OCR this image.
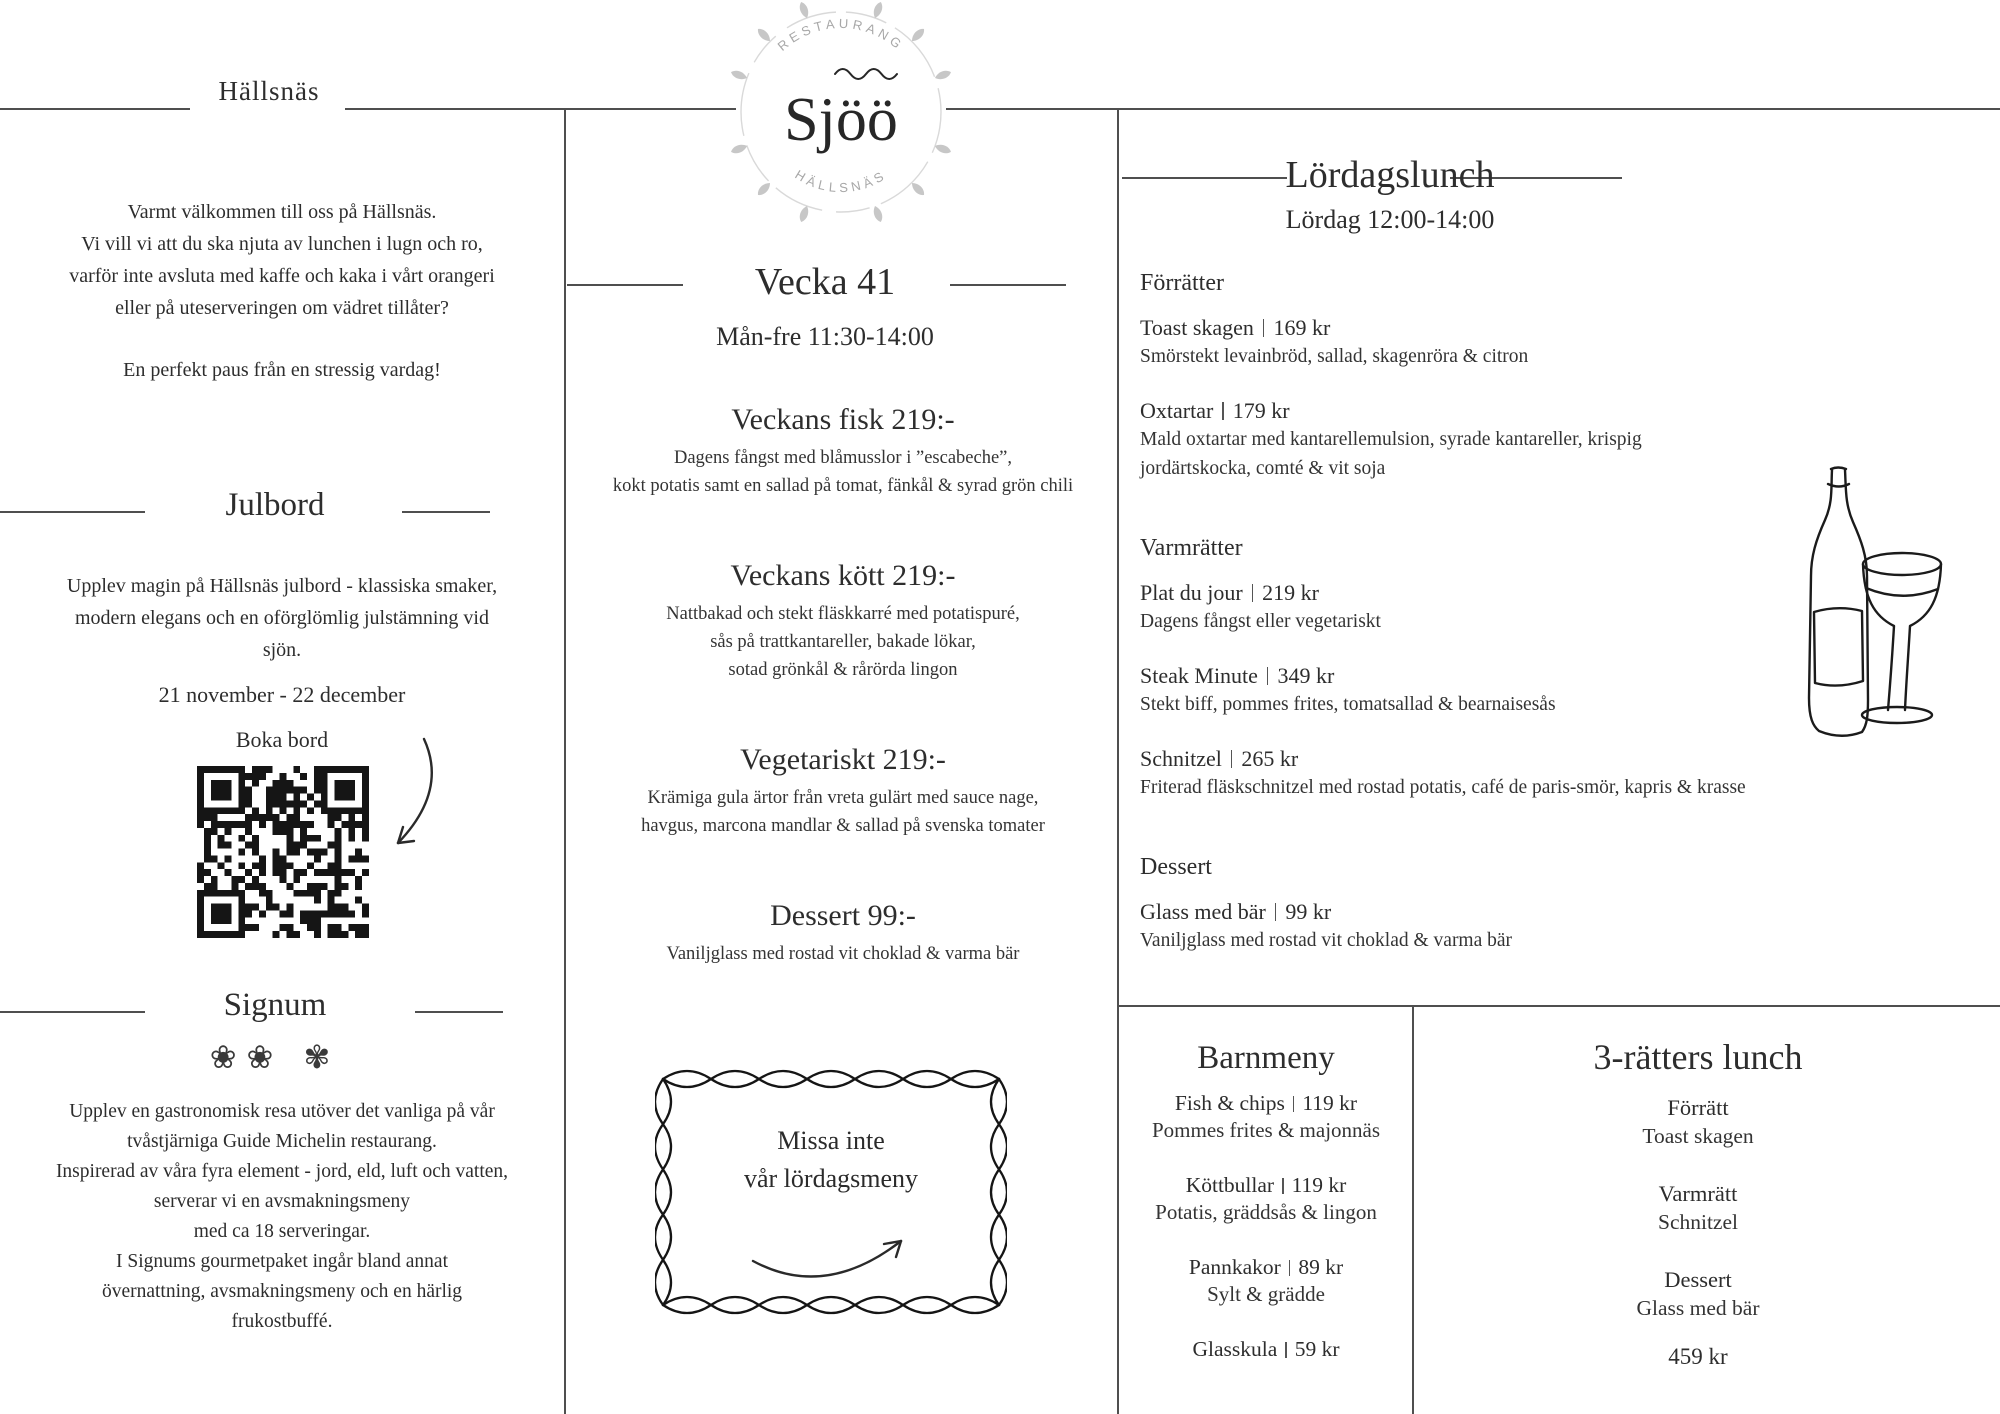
RESTAURANG
HÄLLSNÄS
Sjöö
Hällsnäs
Varmt välkommen till oss på Hällsnäs.
Vi vill vi att du ska njuta av lunchen i lugn och ro,
varför inte avsluta med kaffe och kaka i vårt orangeri
eller på uteserveringen om vädret tillåter?
En perfekt paus från en stressig vardag!
Julbord
Upplev magin på Hällsnäs julbord - klassiska smaker,
modern elegans och en oförglömlig julstämning vid
sjön.
21 november - 22 december
Boka bord
Signum
❀❀ ✾
Upplev en gastronomisk resa utöver det vanliga på vår
tvåstjärniga Guide Michelin restaurang.
Inspirerad av våra fyra element - jord, eld, luft och vatten,
serverar vi en avsmakningsmeny
med ca 18 serveringar.
I Signums gourmetpaket ingår bland annat
övernattning, avsmakningsmeny och en härlig
frukostbuffé.
Vecka 41
Mån-fre 11:30-14:00
Veckans fisk 219:-
Dagens fångst med blåmusslor i ”escabeche”,
kokt potatis samt en sallad på tomat, fänkål & syrad grön chili
Veckans kött 219:-
Nattbakad och stekt fläskkarré med potatispuré,
sås på trattkantareller, bakade lökar,
sotad grönkål & rårörda lingon
Vegetariskt 219:-
Krämiga gula ärtor från vreta gulärt med sauce nage,
havgus, marcona mandlar & sallad på svenska tomater
Dessert 99:-
Vaniljglass med rostad vit choklad & varma bär
Missa inte
vår lördagsmeny
Lördagslunch
Lördag 12:00-14:00
Förrätter
Toast skagen 169 kr
Smörstekt levainbröd, sallad, skagenröra & citron
Oxtartar 179 kr
Mald oxtartar med kantarellemulsion, syrade kantareller, krispig
jordärtskocka, comté & vit soja
Varmrätter
Plat du jour 219 kr
Dagens fångst eller vegetariskt
Steak Minute 349 kr
Stekt biff, pommes frites, tomatsallad & bearnaisesås
Schnitzel 265 kr
Friterad fläskschnitzel med rostad potatis, café de paris-smör, kapris & krasse
Dessert
Glass med bär 99 kr
Vaniljglass med rostad vit choklad & varma bär
Barnmeny
Fish & chips 119 kr
Pommes frites & majonnäs
Köttbullar 119 kr
Potatis, gräddsås & lingon
Pannkakor 89 kr
Sylt & grädde
Glasskula 59 kr
3-rätters lunch
Förrätt
Toast skagen
Varmrätt
Schnitzel
Dessert
Glass med bär
459 kr
